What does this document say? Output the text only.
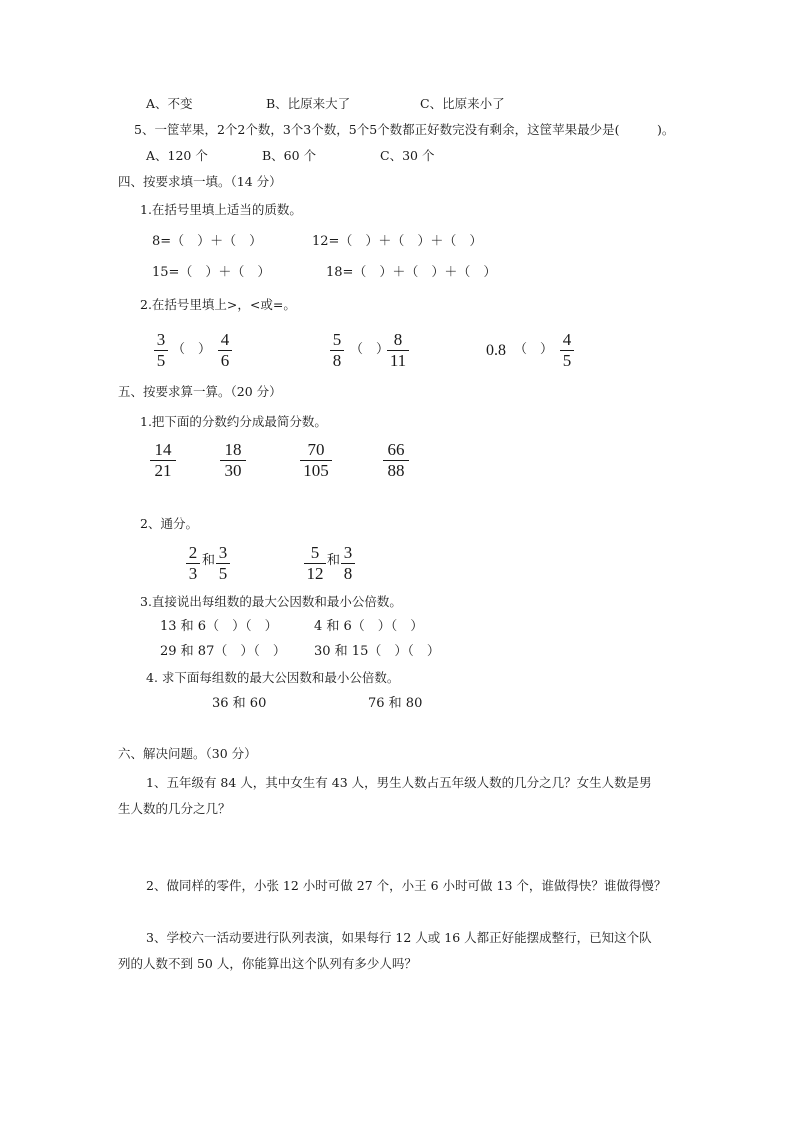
A、不变	B、比原来大了	C、比原来小了
5、一筐苹果，2个2个数，3个3个数，5个5个数都正好数完没有剩余，这筐苹果最少是(　　　)。
A、120 个	B、60 个	C、30 个
四、按要求填一填。（14 分）
1.在括号里填上适当的质数。
8=（　）＋（　）	12=（　）＋（　）＋（　）
15=（　）＋（　）	18=（　）＋（　）＋（　）
2.在括号里填上>，<或=。
3
5
（　）
4
6
5
8
（　）
8
11
0.8 （　）
4
5
五、按要求算一算。（20 分）
1.把下面的分数约分成最简分数。
14
21
18
30
70
105
66
88
2、通分。
2
3
和 3
5
5
12
和 3
8
3.直接说出每组数的最大公因数和最小公倍数。
13 和 6（　）（　）	4 和 6（　）（　）
29 和 87（　）（　） 30 和 15（　）（　）
4. 求下面每组数的最大公因数和最小公倍数。
36 和 60	76 和 80
六、解决问题。（30 分）
1、五年级有 84 人，其中女生有 43 人，男生人数占五年级人数的几分之几？女生人数是男
生人数的几分之几？
2、做同样的零件，小张 12 小时可做 27 个，小王 6 小时可做 13 个，谁做得快？谁做得慢？
3、学校六一活动要进行队列表演，如果每行 12 人或 16 人都正好能摆成整行，已知这个队
列的人数不到 50 人，你能算出这个队列有多少人吗？
